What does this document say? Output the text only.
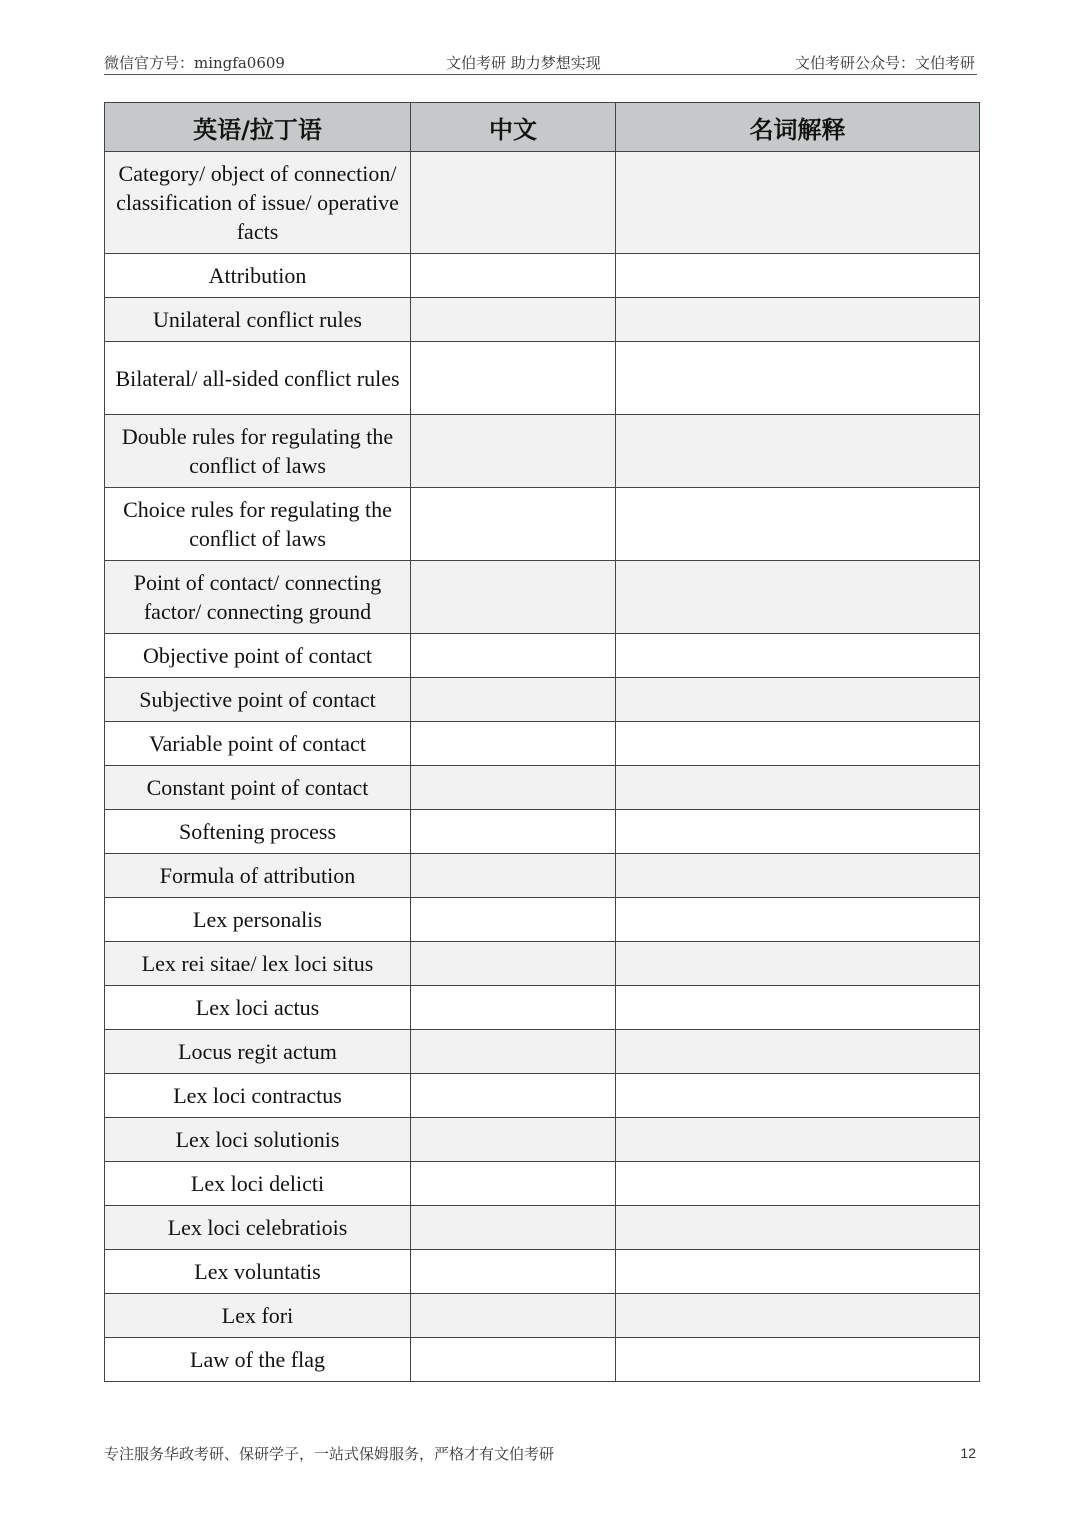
微信官方号：mingfa0609	文伯考研 助力梦想实现	文伯考研公众号：文伯考研
英语/拉丁语	中文	名词解释
Category/ object of connection/ classification of issue/ operative facts		
Attribution		
Unilateral conflict rules		
Bilateral/ all-sided conflict rules		
Double rules for regulating the conflict of laws		
Choice rules for regulating the conflict of laws		
Point of contact/ connecting factor/ connecting ground		
Objective point of contact		
Subjective point of contact		
Variable point of contact		
Constant point of contact		
Softening process		
Formula of attribution		
Lex personalis		
Lex rei sitae/ lex loci situs		
Lex loci actus		
Locus regit actum		
Lex loci contractus		
Lex loci solutionis		
Lex loci delicti		
Lex loci celebratiois		
Lex voluntatis		
Lex fori		
Law of the flag		
专注服务华政考研、保研学子，一站式保姆服务，严格才有文伯考研	12
